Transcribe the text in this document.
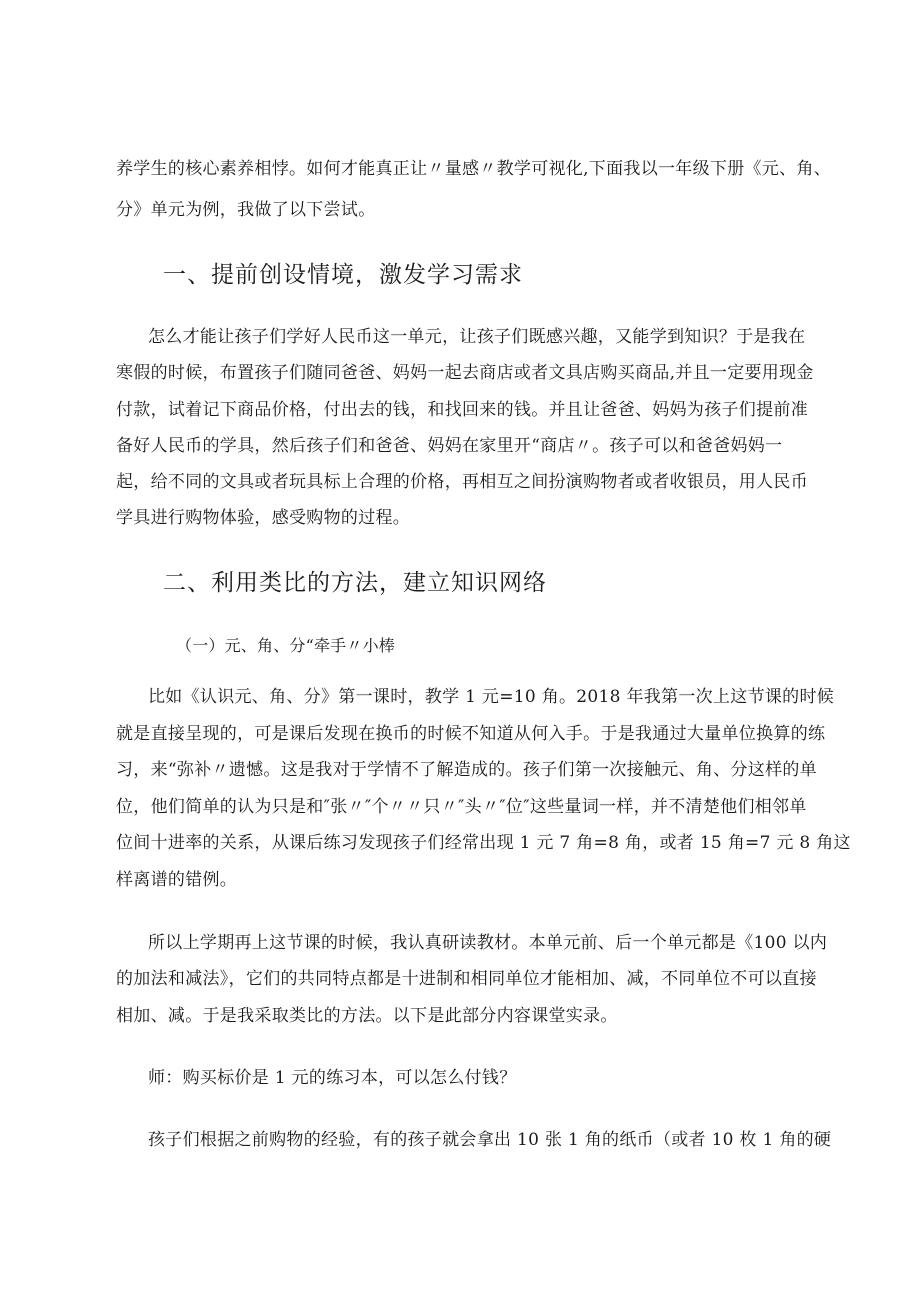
养学生的核心素养相悖。如何才能真正让〃量感〃教学可视化,下面我以一年级下册《元、角、
分》单元为例，我做了以下尝试。
一、提前创设情境，激发学习需求
怎么才能让孩子们学好人民币这一单元，让孩子们既感兴趣，又能学到知识？于是我在
寒假的时候，布置孩子们随同爸爸、妈妈一起去商店或者文具店购买商品,并且一定要用现金
付款，试着记下商品价格，付出去的钱，和找回来的钱。并且让爸爸、妈妈为孩子们提前准
备好人民币的学具，然后孩子们和爸爸、妈妈在家里开“商店〃。孩子可以和爸爸妈妈一
起，给不同的文具或者玩具标上合理的价格，再相互之间扮演购物者或者收银员，用人民币
学具进行购物体验，感受购物的过程。
二、利用类比的方法，建立知识网络
（一）元、角、分“牵手〃小棒
比如《认识元、角、分》第一课时，教学 1 元=10 角。2018 年我第一次上这节课的时候
就是直接呈现的，可是课后发现在换币的时候不知道从何入手。于是我通过大量单位换算的练
习，来“弥补〃遗憾。这是我对于学情不了解造成的。孩子们第一次接触元、角、分这样的单
位，他们简单的认为只是和″张〃″个〃〃只〃″头〃″位″这些量词一样，并不清楚他们相邻单
位间十进率的关系，从课后练习发现孩子们经常出现 1 元 7 角=8 角，或者 15 角=7 元 8 角这
样离谱的错例。
所以上学期再上这节课的时候，我认真研读教材。本单元前、后一个单元都是《100 以内
的加法和减法》，它们的共同特点都是十进制和相同单位才能相加、减，不同单位不可以直接
相加、减。于是我采取类比的方法。以下是此部分内容课堂实录。
师：购买标价是 1 元的练习本，可以怎么付钱？
孩子们根据之前购物的经验，有的孩子就会拿出 10 张 1 角的纸币（或者 10 枚 1 角的硬
